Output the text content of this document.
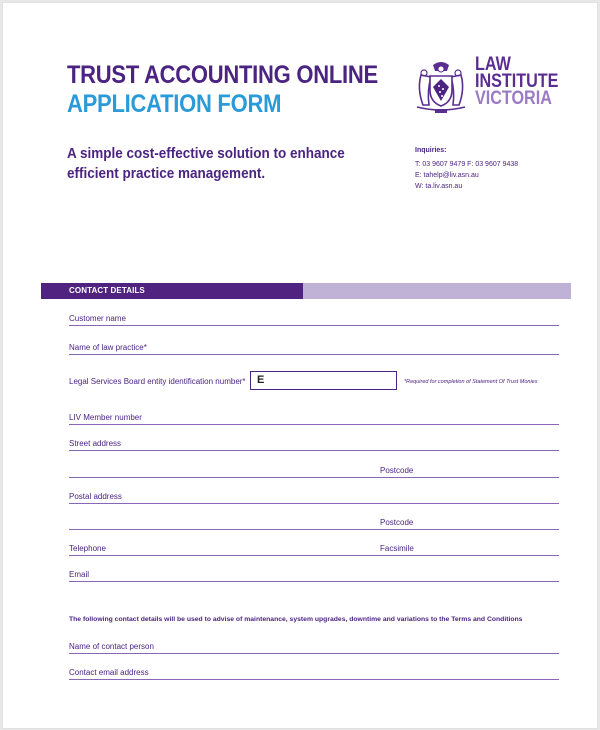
TRUST ACCOUNTING ONLINE
APPLICATION FORM
A simple cost-effective solution to enhance
efficient practice management.
LAW
INSTITUTE
VICTORIA
Inquiries:
T: 03 9607 9479 F: 03 9607 9438
E: tahelp@liv.asn.au
W: ta.liv.asn.au
CONTACT DETAILS
Customer name
Name of law practice*
Legal Services Board entity identification number* E	*Required for completion of Statement Of Trust Monies
LIV Member number
Street address
Postcode
Postal address
Postcode
Telephone	Facsimile
Email
The following contact details will be used to advise of maintenance, system upgrades, downtime and variations to the Terms and Conditions
Name of contact person
Contact email address
